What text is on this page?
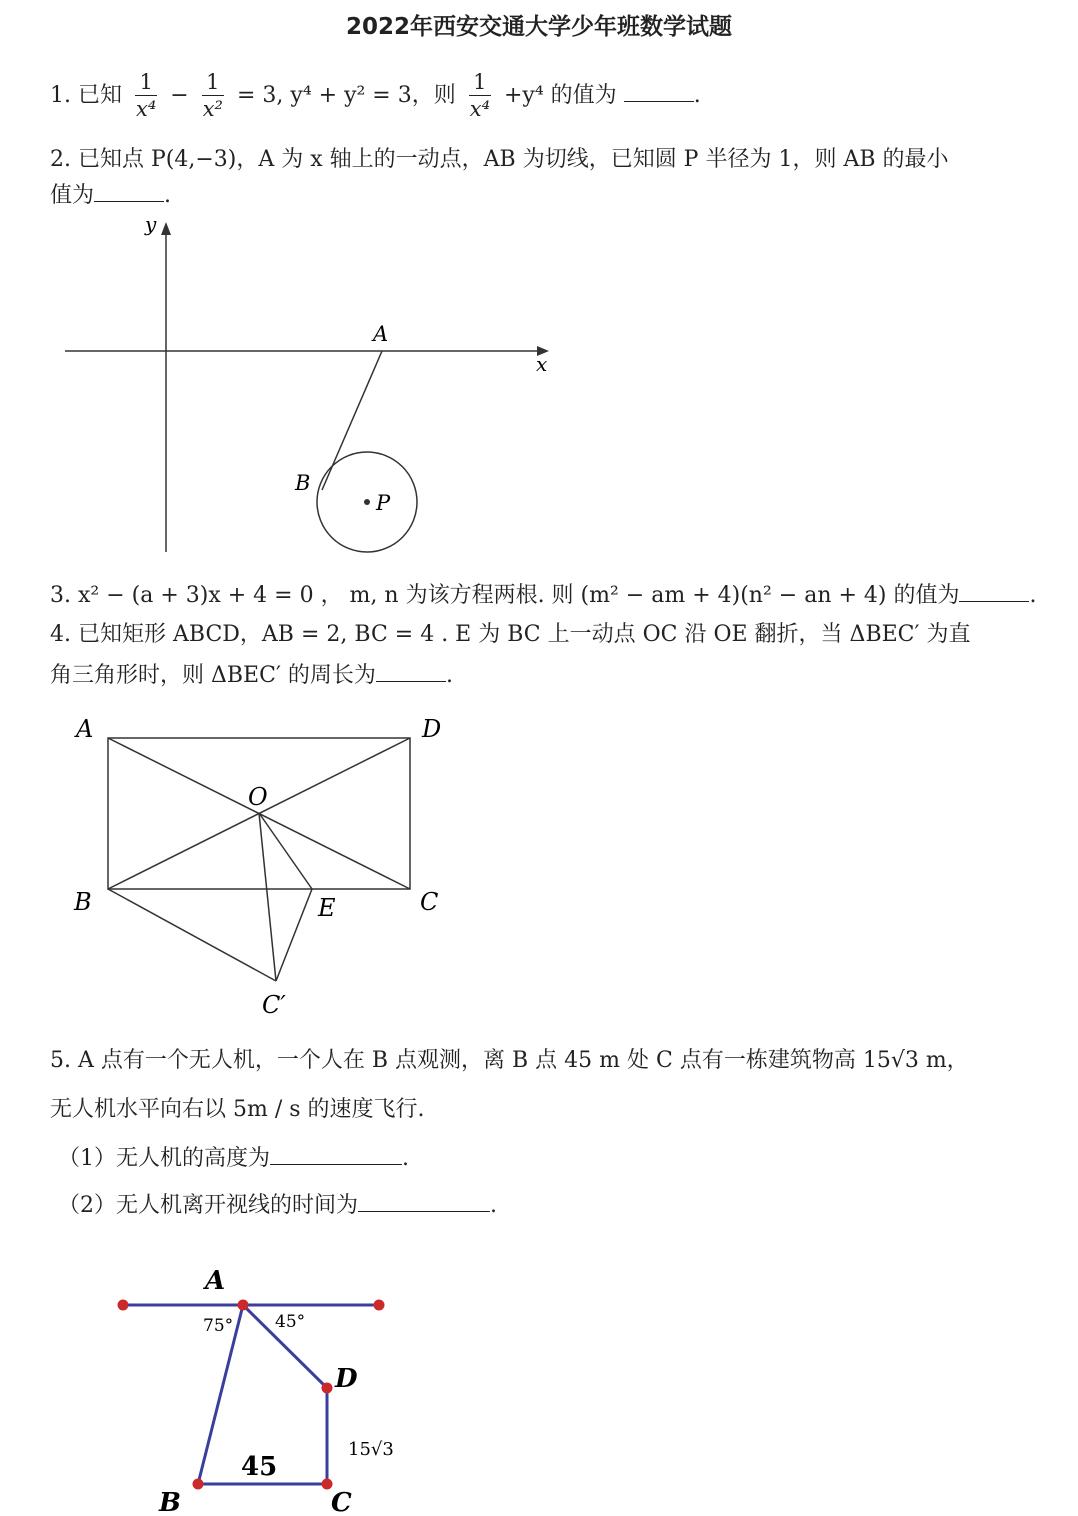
2022年西安交通大学少年班数学试题
1. 已知 $\frac{1}{\text{x⁴}} - \frac{1}{\text{x²}} = 3$, y⁴ + y² = 3，则 $\frac{1}{\text{x⁴}} +y^4$ 的值为	.
2. 已知点 P(4,−3)，A 为 x 轴上的一动点，AB 为切线，已知圆 P 半径为 1，则 AB 的最小
值为	.
y
x
A
B
P
3. x² − (a + 3)x + 4 = 0 ， m, n 为该方程两根. 则 (m² − am + 4)(n² − an + 4) 的值为	.
4. 已知矩形 ABCD，AB = 2, BC = 4 . E 为 BC 上一动点 OC 沿 OE 翻折，当 ΔBEC′ 为直
角三角形时，则 ΔBEC′ 的周长为	.
A	D
O
B	E	C
C′
5. A 点有一个无人机，一个人在 B 点观测，离 B 点 45 m 处 C 点有一栋建筑物高 15√3 m，
无人机水平向右以 5m / s 的速度飞行.
（1）无人机的高度为	.
（2）无人机离开视线的时间为	.
A
75° 45°
D
15√3
45
B	C
